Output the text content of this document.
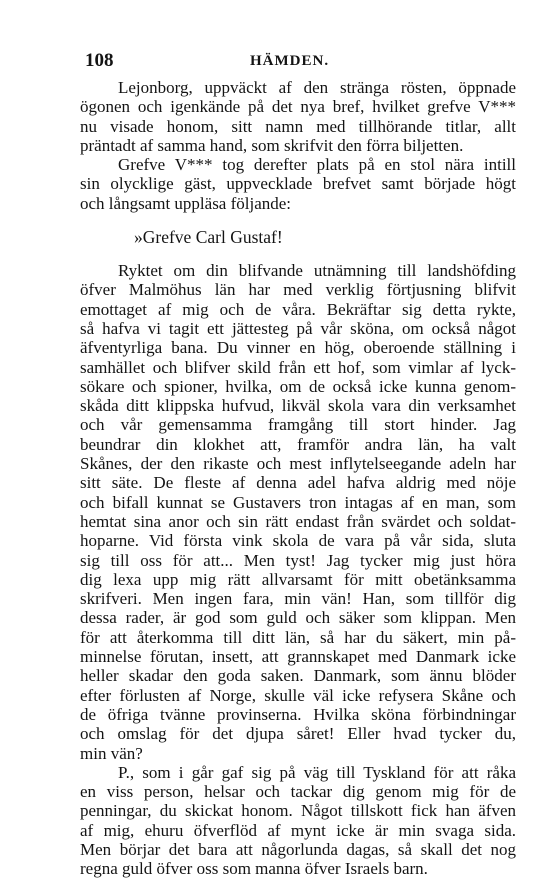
108	HÄMDEN.
Lejonborg, uppväckt af den stränga rösten, öppnade
ögonen och igenkände på det nya bref, hvilket grefve V***
nu visade honom, sitt namn med tillhörande titlar, allt
präntadt af samma hand, som skrifvit den förra biljetten.
Grefve V*** tog derefter plats på en stol nära intill
sin olycklige gäst, uppvecklade brefvet samt började högt
och långsamt uppläsa följande:
»Grefve Carl Gustaf!
Ryktet om din blifvande utnämning till landshöfding
öfver Malmöhus län har med verklig förtjusning blifvit
emottaget af mig och de våra. Bekräftar sig detta rykte,
så hafva vi tagit ett jättesteg på vår sköna, om också något
äfventyrliga bana. Du vinner en hög, oberoende ställning i
samhället och blifver skild från ett hof, som vimlar af lyck-
sökare och spioner, hvilka, om de också icke kunna genom-
skåda ditt klippska hufvud, likväl skola vara din verksamhet
och vår gemensamma framgång till stort hinder. Jag
beundrar din klokhet att, framför andra län, ha valt
Skånes, der den rikaste och mest inflytelseegande adeln har
sitt säte. De fleste af denna adel hafva aldrig med nöje
och bifall kunnat se Gustavers tron intagas af en man, som
hemtat sina anor och sin rätt endast från svärdet och soldat-
hoparne. Vid första vink skola de vara på vår sida, sluta
sig till oss för att... Men tyst! Jag tycker mig just höra
dig lexa upp mig rätt allvarsamt för mitt obetänksamma
skrifveri. Men ingen fara, min vän! Han, som tillför dig
dessa rader, är god som guld och säker som klippan. Men
för att återkomma till ditt län, så har du säkert, min på-
minnelse förutan, insett, att grannskapet med Danmark icke
heller skadar den goda saken. Danmark, som ännu blöder
efter förlusten af Norge, skulle väl icke refysera Skåne och
de öfriga tvänne provinserna. Hvilka sköna förbindningar
och omslag för det djupa såret! Eller hvad tycker du,
min vän?
P., som i går gaf sig på väg till Tyskland för att råka
en viss person, helsar och tackar dig genom mig för de
penningar, du skickat honom. Något tillskott fick han äfven
af mig, ehuru öfverflöd af mynt icke är min svaga sida.
Men börjar det bara att någorlunda dagas, så skall det nog
regna guld öfver oss som manna öfver Israels barn.
